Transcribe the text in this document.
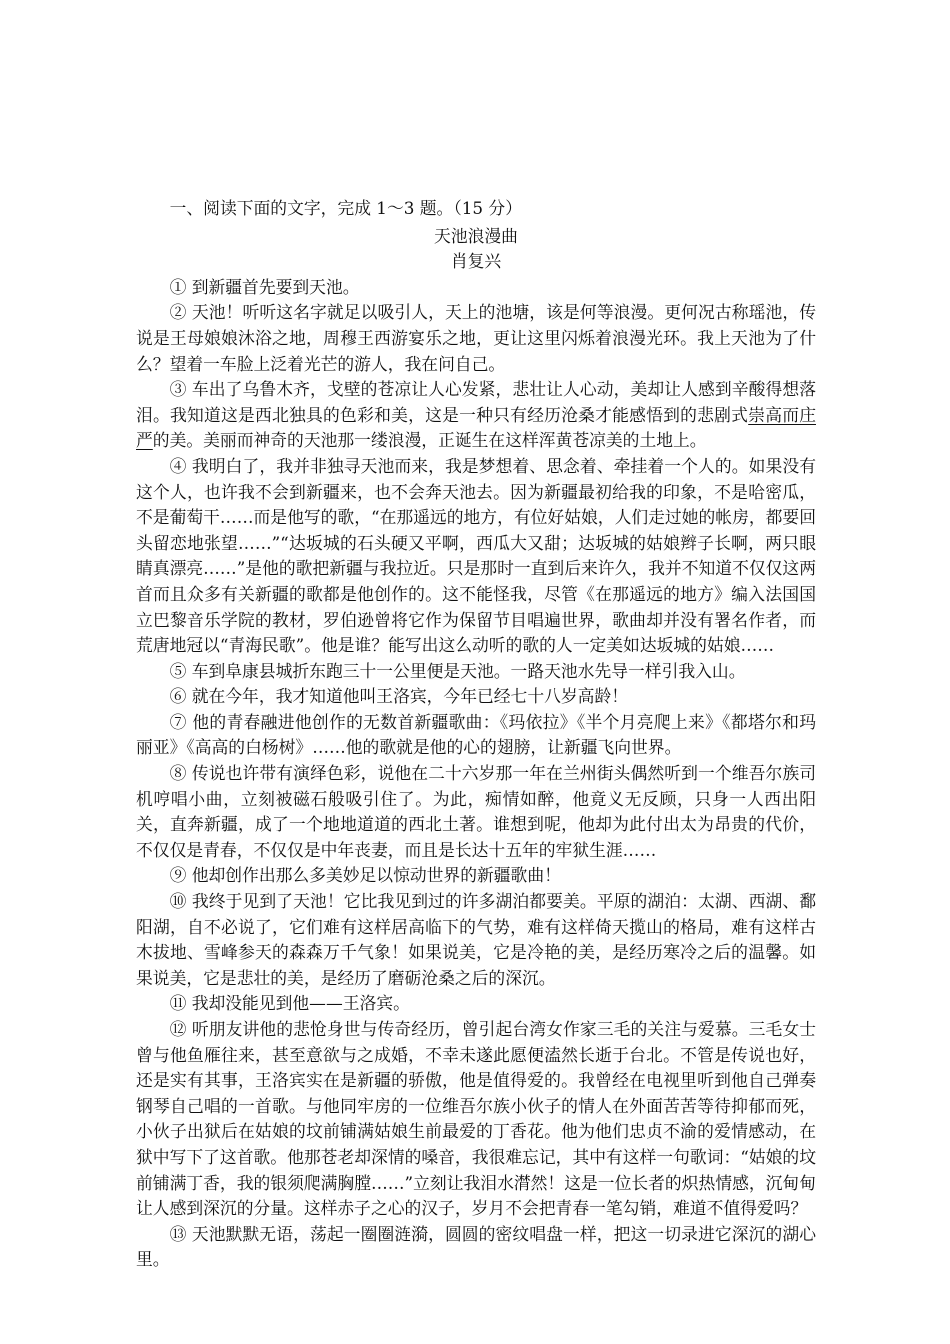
一、阅读下面的文字，完成 1～3 题。（15 分）

天池浪漫曲

肖复兴

① 到新疆首先要到天池。

② 天池！听听这名字就足以吸引人，天上的池塘，该是何等浪漫。更何况古称瑶池，传说是王母娘娘沐浴之地，周穆王西游宴乐之地，更让这里闪烁着浪漫光环。我上天池为了什么？望着一车脸上泛着光芒的游人，我在问自己。

③ 车出了乌鲁木齐，戈壁的苍凉让人心发紧，悲壮让人心动，美却让人感到辛酸得想落泪。我知道这是西北独具的色彩和美，这是一种只有经历沧桑才能感悟到的悲剧式崇高而庄严的美。美丽而神奇的天池那一缕浪漫，正诞生在这样浑黄苍凉美的土地上。

④ 我明白了，我并非独寻天池而来，我是梦想着、思念着、牵挂着一个人的。如果没有这个人，也许我不会到新疆来，也不会奔天池去。因为新疆最初给我的印象，不是哈密瓜，不是葡萄干……而是他写的歌，“在那遥远的地方，有位好姑娘，人们走过她的帐房，都要回头留恋地张望……”“达坂城的石头硬又平啊，西瓜大又甜；达坂城的姑娘辫子长啊，两只眼睛真漂亮……”是他的歌把新疆与我拉近。只是那时一直到后来许久，我并不知道不仅仅这两首而且众多有关新疆的歌都是他创作的。这不能怪我，尽管《在那遥远的地方》编入法国国立巴黎音乐学院的教材，罗伯逊曾将它作为保留节目唱遍世界，歌曲却并没有署名作者，而荒唐地冠以“青海民歌”。他是谁？能写出这么动听的歌的人一定美如达坂城的姑娘……

⑤ 车到阜康县城折东跑三十一公里便是天池。一路天池水先导一样引我入山。

⑥ 就在今年，我才知道他叫王洛宾，今年已经七十八岁高龄！

⑦ 他的青春融进他创作的无数首新疆歌曲：《玛依拉》《半个月亮爬上来》《都塔尔和玛丽亚》《高高的白杨树》……他的歌就是他的心的翅膀，让新疆飞向世界。

⑧ 传说也许带有演绎色彩，说他在二十六岁那一年在兰州街头偶然听到一个维吾尔族司机哼唱小曲，立刻被磁石般吸引住了。为此，痴情如醉，他竟义无反顾，只身一人西出阳关，直奔新疆，成了一个地地道道的西北土著。谁想到呢，他却为此付出太为昂贵的代价，不仅仅是青春，不仅仅是中年丧妻，而且是长达十五年的牢狱生涯……

⑨ 他却创作出那么多美妙足以惊动世界的新疆歌曲！

⑩ 我终于见到了天池！它比我见到过的许多湖泊都要美。平原的湖泊：太湖、西湖、鄱阳湖，自不必说了，它们难有这样居高临下的气势，难有这样倚天揽山的格局，难有这样古木拔地、雪峰参天的森森万千气象！如果说美，它是冷艳的美，是经历寒冷之后的温馨。如果说美，它是悲壮的美，是经历了磨砺沧桑之后的深沉。

⑪ 我却没能见到他——王洛宾。

⑫ 听朋友讲他的悲怆身世与传奇经历，曾引起台湾女作家三毛的关注与爱慕。三毛女士曾与他鱼雁往来，甚至意欲与之成婚，不幸未遂此愿便溘然长逝于台北。不管是传说也好，还是实有其事，王洛宾实在是新疆的骄傲，他是值得爱的。我曾经在电视里听到他自己弹奏钢琴自己唱的一首歌。与他同牢房的一位维吾尔族小伙子的情人在外面苦苦等待抑郁而死，小伙子出狱后在姑娘的坟前铺满姑娘生前最爱的丁香花。他为他们忠贞不渝的爱情感动，在狱中写下了这首歌。他那苍老却深情的嗓音，我很难忘记，其中有这样一句歌词：“姑娘的坟前铺满丁香，我的银须爬满胸膛……”立刻让我泪水潸然！这是一位长者的炽热情感，沉甸甸让人感到深沉的分量。这样赤子之心的汉子，岁月不会把青春一笔勾销，难道不值得爱吗？

⑬ 天池默默无语，荡起一圈圈涟漪，圆圆的密纹唱盘一样，把这一切录进它深沉的湖心里。
